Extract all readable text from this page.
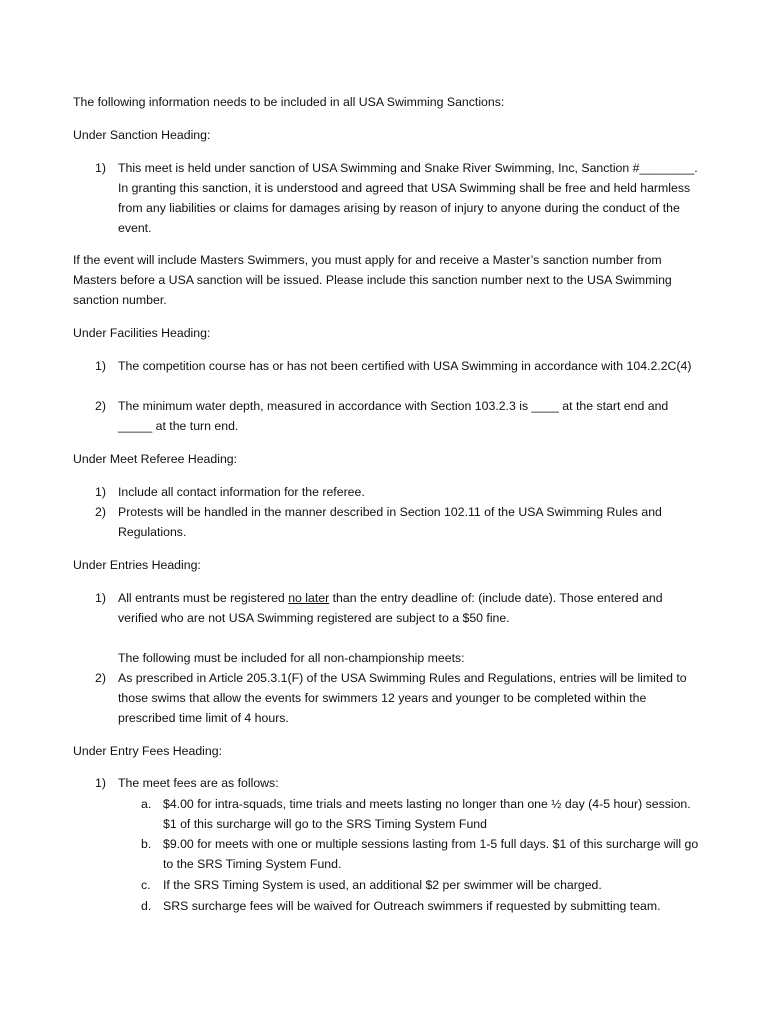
The following information needs to be included in all USA Swimming Sanctions:

Under Sanction Heading:

1) This meet is held under sanction of USA Swimming and Snake River Swimming, Inc, Sanction #________. In granting this sanction, it is understood and agreed that USA Swimming shall be free and held harmless from any liabilities or claims for damages arising by reason of injury to anyone during the conduct of the event.

If the event will include Masters Swimmers, you must apply for and receive a Master’s sanction number from Masters before a USA sanction will be issued. Please include this sanction number next to the USA Swimming sanction number.

Under Facilities Heading:

1) The competition course has or has not been certified with USA Swimming in accordance with 104.2.2C(4)
2) The minimum water depth, measured in accordance with Section 103.2.3 is ____ at the start end and _____ at the turn end.

Under Meet Referee Heading:

1) Include all contact information for the referee.
2) Protests will be handled in the manner described in Section 102.11 of the USA Swimming Rules and Regulations.

Under Entries Heading:

1) All entrants must be registered no later than the entry deadline of: (include date). Those entered and verified who are not USA Swimming registered are subject to a $50 fine.

The following must be included for all non-championship meets:

2) As prescribed in Article 205.3.1(F) of the USA Swimming Rules and Regulations, entries will be limited to those swims that allow the events for swimmers 12 years and younger to be completed within the prescribed time limit of 4 hours.

Under Entry Fees Heading:

1) The meet fees are as follows:
a. $4.00 for intra-squads, time trials and meets lasting no longer than one ½ day (4-5 hour) session. $1 of this surcharge will go to the SRS Timing System Fund
b. $9.00 for meets with one or multiple sessions lasting from 1-5 full days. $1 of this surcharge will go to the SRS Timing System Fund.
c.	If the SRS Timing System is used, an additional $2 per swimmer will be charged.
d. SRS surcharge fees will be waived for Outreach swimmers if requested by submitting team.
